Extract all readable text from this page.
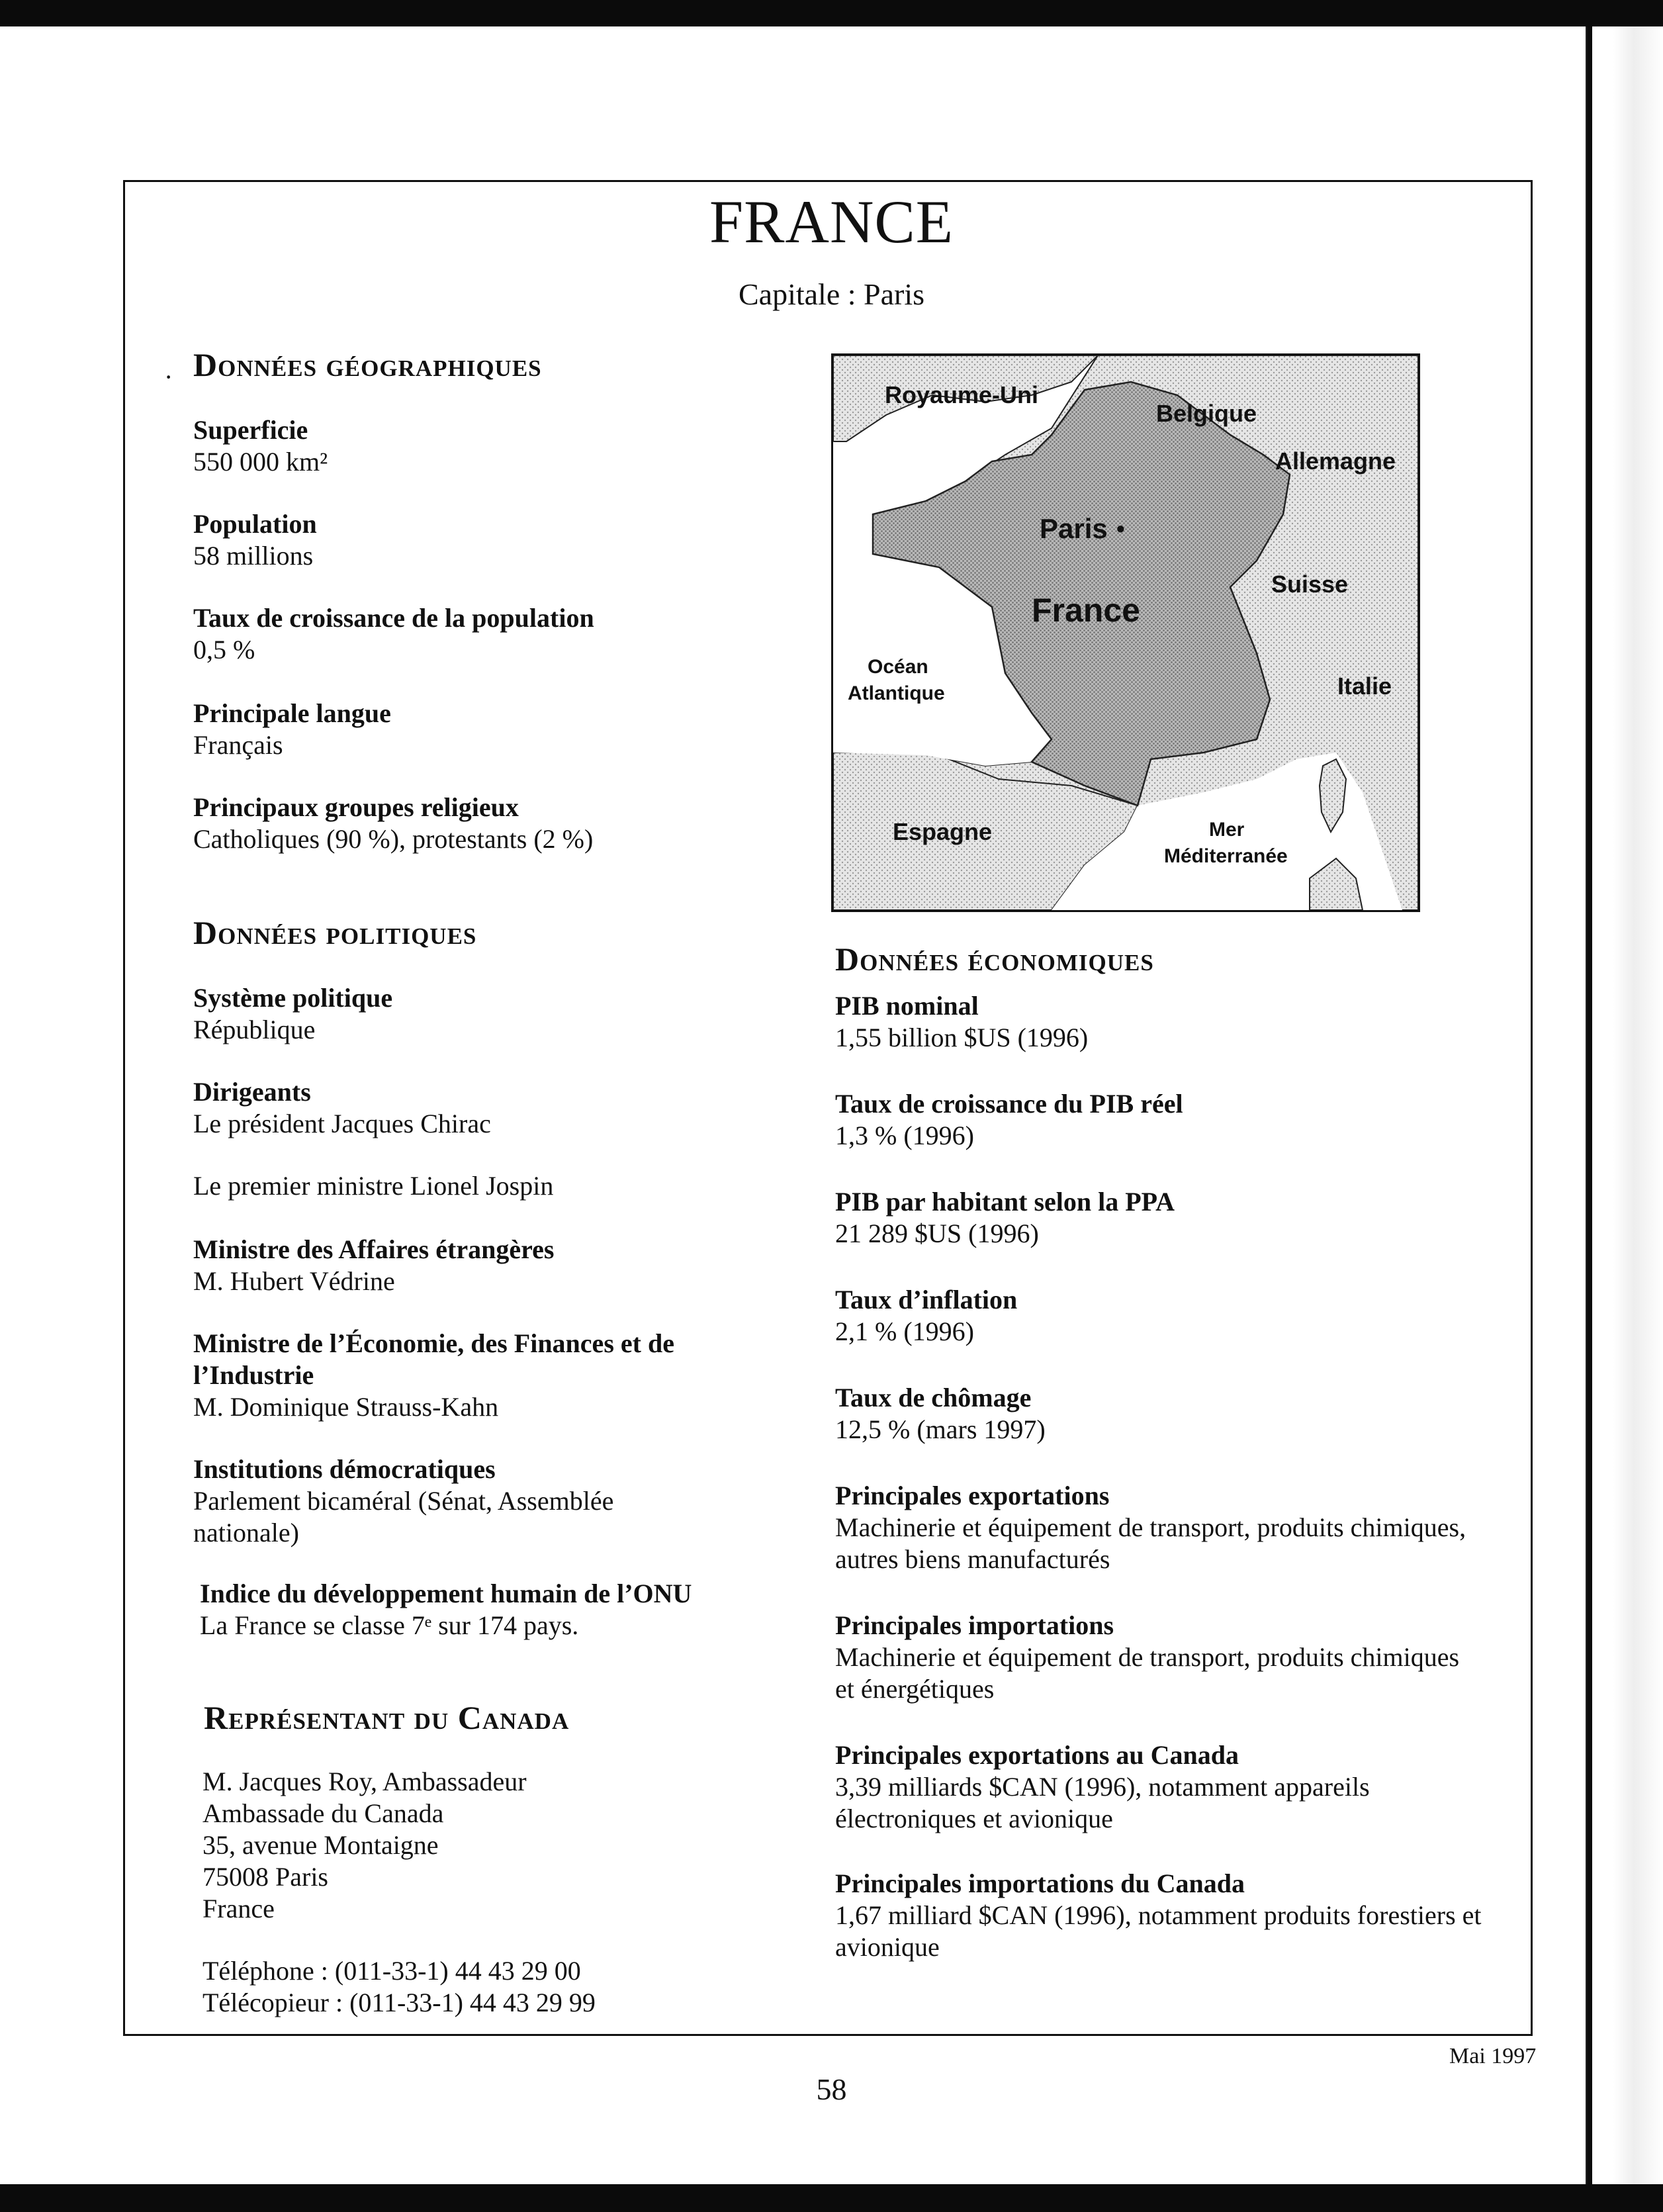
FRANCE
Capitale : Paris
· Données géographiques
Superficie
550 000 km²
Population
58 millions
Taux de croissance de la population
0,5 %
Principale langue
Français
Principaux groupes religieux
Catholiques (90 %), protestants (2 %)
Données politiques
Système politique
République
Dirigeants
Le président Jacques Chirac
Le premier ministre Lionel Jospin
Ministre des Affaires étrangères
M. Hubert Védrine
Ministre de l’Économie, des Finances et de l’Industrie
M. Dominique Strauss-Kahn
Institutions démocratiques
Parlement bicaméral (Sénat, Assemblée nationale)
Indice du développement humain de l’ONU
La France se classe 7ᵉ sur 174 pays.
Représentant du Canada
M. Jacques Roy, Ambassadeur
Ambassade du Canada
35, avenue Montaigne
75008 Paris
France
Téléphone : (011-33-1) 44 43 29 00
Télécopieur : (011-33-1) 44 43 29 99
Royaume-Uni
Belgique
Allemagne
Paris •
France
Suisse
Océan
Atlantique	Italie
Espagne	Mer
Méditerranée
Données économiques
PIB nominal
1,55 billion $US (1996)
Taux de croissance du PIB réel
1,3 % (1996)
PIB par habitant selon la PPA
21 289 $US (1996)
Taux d’inflation
2,1 % (1996)
Taux de chômage
12,5 % (mars 1997)
Principales exportations
Machinerie et équipement de transport, produits chimiques, autres biens manufacturés
Principales importations
Machinerie et équipement de transport, produits chimiques et énergétiques
Principales exportations au Canada
3,39 milliards $CAN (1996), notamment appareils électroniques et avionique
Principales importations du Canada
1,67 milliard $CAN (1996), notamment produits forestiers et avionique
Mai 1997
58
